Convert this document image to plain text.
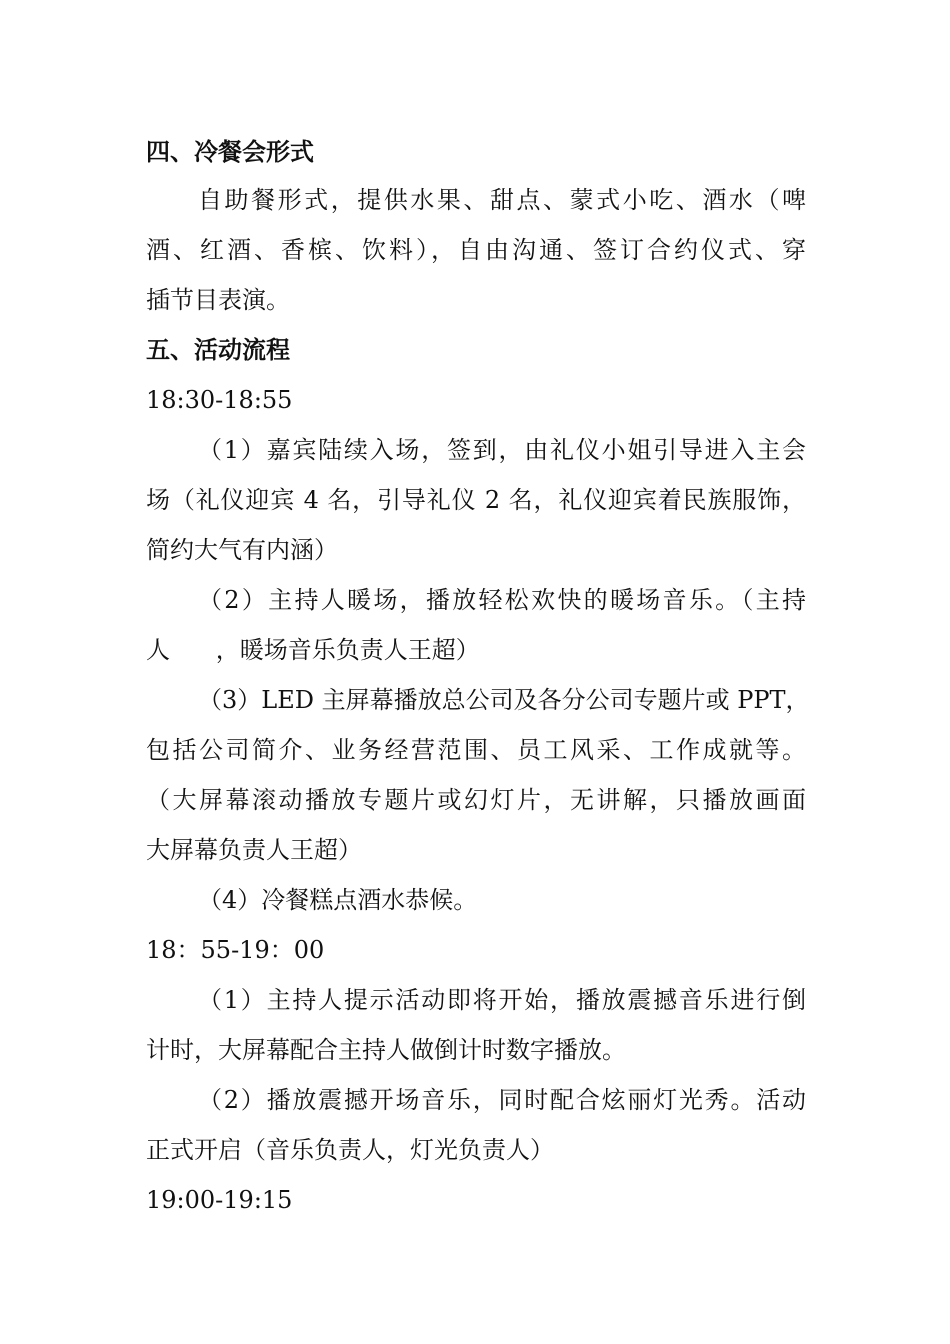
四、冷餐会形式

自助餐形式，提供水果、甜点、蒙式小吃、酒水（啤

酒、红酒、香槟、饮料），自由沟通、签订合约仪式、穿

插节目表演。

五、活动流程

18:30-18:55

（1）嘉宾陆续入场，签到，由礼仪小姐引导进入主会

场（礼仪迎宾 4 名，引导礼仪 2 名，礼仪迎宾着民族服饰，

简约大气有内涵）

（2）主持人暖场，播放轻松欢快的暖场音乐。（主持

人      ，暖场音乐负责人王超）

（3）LED 主屏幕播放总公司及各分公司专题片或 PPT，

包括公司简介、业务经营范围、员工风采、工作成就等。

（大屏幕滚动播放专题片或幻灯片，无讲解，只播放画面

大屏幕负责人王超）

（4）冷餐糕点酒水恭候。

18：55-19：00

（1）主持人提示活动即将开始，播放震撼音乐进行倒

计时，大屏幕配合主持人做倒计时数字播放。

（2）播放震撼开场音乐，同时配合炫丽灯光秀。活动

正式开启（音乐负责人，灯光负责人）

19:00-19:15
